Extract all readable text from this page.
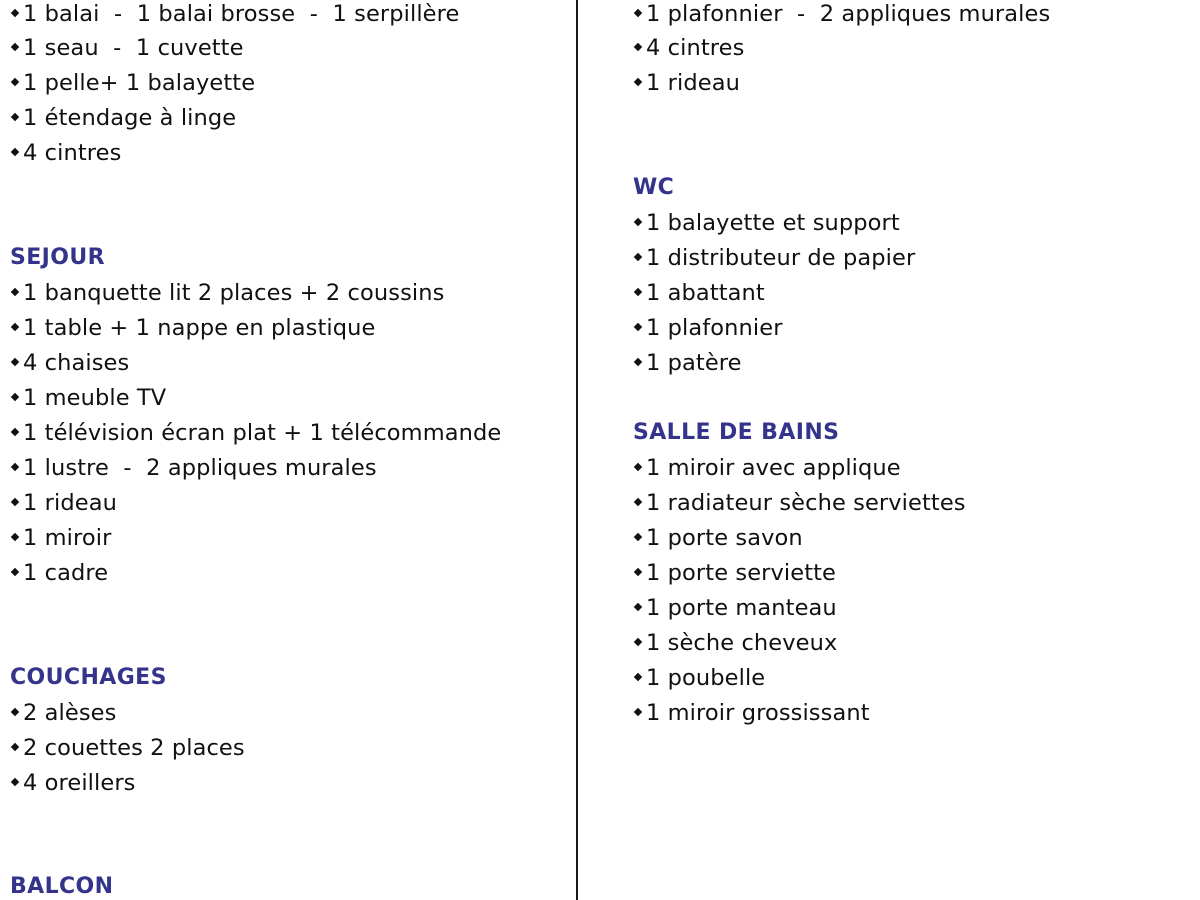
1 balai  -  1 balai brosse  -  1 serpillère
1 seau  -  1 cuvette
1 pelle+ 1 balayette
1 étendage à linge
4 cintres
SEJOUR
1 banquette lit 2 places + 2 coussins
1 table + 1 nappe en plastique
4 chaises
1 meuble TV
1 télévision écran plat + 1 télécommande
1 lustre  -  2 appliques murales
1 rideau
1 miroir
1 cadre
COUCHAGES
2 alèses
2 couettes 2 places
4 oreillers
BALCON
1 plafonnier  -  2 appliques murales
4 cintres
1 rideau
WC
1 balayette et support
1 distributeur de papier
1 abattant
1 plafonnier
1 patère
SALLE DE BAINS
1 miroir avec applique
1 radiateur sèche serviettes
1 porte savon
1 porte serviette
1 porte manteau
1 sèche cheveux
1 poubelle
1 miroir grossissant
